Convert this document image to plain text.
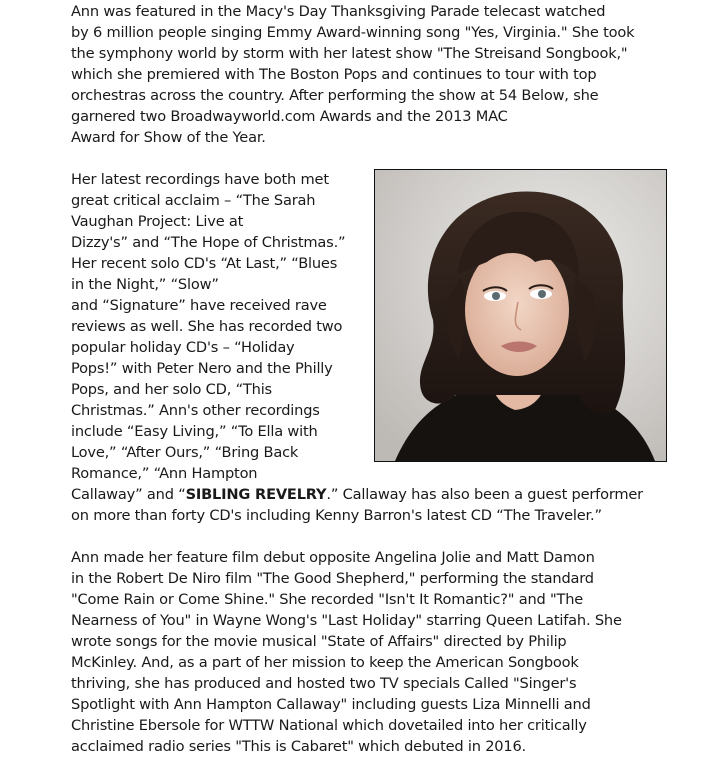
Ann was featured in the Macy's Day Thanksgiving Parade telecast watched
by 6 million people singing Emmy Award-winning song "Yes, Virginia." She took
the symphony world by storm with her latest show "The Streisand Songbook,"
which she premiered with The Boston Pops and continues to tour with top
orchestras across the country. After performing the show at 54 Below, she
garnered two Broadwayworld.com Awards and the 2013 MAC
Award for Show of the Year.

Her latest recordings have both met
great critical acclaim – “The Sarah
Vaughan Project: Live at
Dizzy's” and “The Hope of Christmas.”
Her recent solo CD's “At Last,” “Blues
in the Night,” “Slow”
and “Signature” have received rave
reviews as well. She has recorded two
popular holiday CD's – “Holiday
Pops!” with Peter Nero and the Philly
Pops, and her solo CD, “This
Christmas.” Ann's other recordings
include “Easy Living,” “To Ella with
Love,” “After Ours,” “Bring Back
Romance,” “Ann Hampton
Callaway” and “SIBLING REVELRY.” Callaway has also been a guest performer
on more than forty CD's including Kenny Barron's latest CD “The Traveler.”

Ann made her feature film debut opposite Angelina Jolie and Matt Damon
in the Robert De Niro film "The Good Shepherd," performing the standard
"Come Rain or Come Shine." She recorded "Isn't It Romantic?" and "The
Nearness of You" in Wayne Wong's "Last Holiday" starring Queen Latifah. She
wrote songs for the movie musical "State of Affairs" directed by Philip
McKinley. And, as a part of her mission to keep the American Songbook
thriving, she has produced and hosted two TV specials Called "Singer's
Spotlight with Ann Hampton Callaway" including guests Liza Minnelli and
Christine Ebersole for WTTW National which dovetailed into her critically
acclaimed radio series "This is Cabaret" which debuted in 2016.
